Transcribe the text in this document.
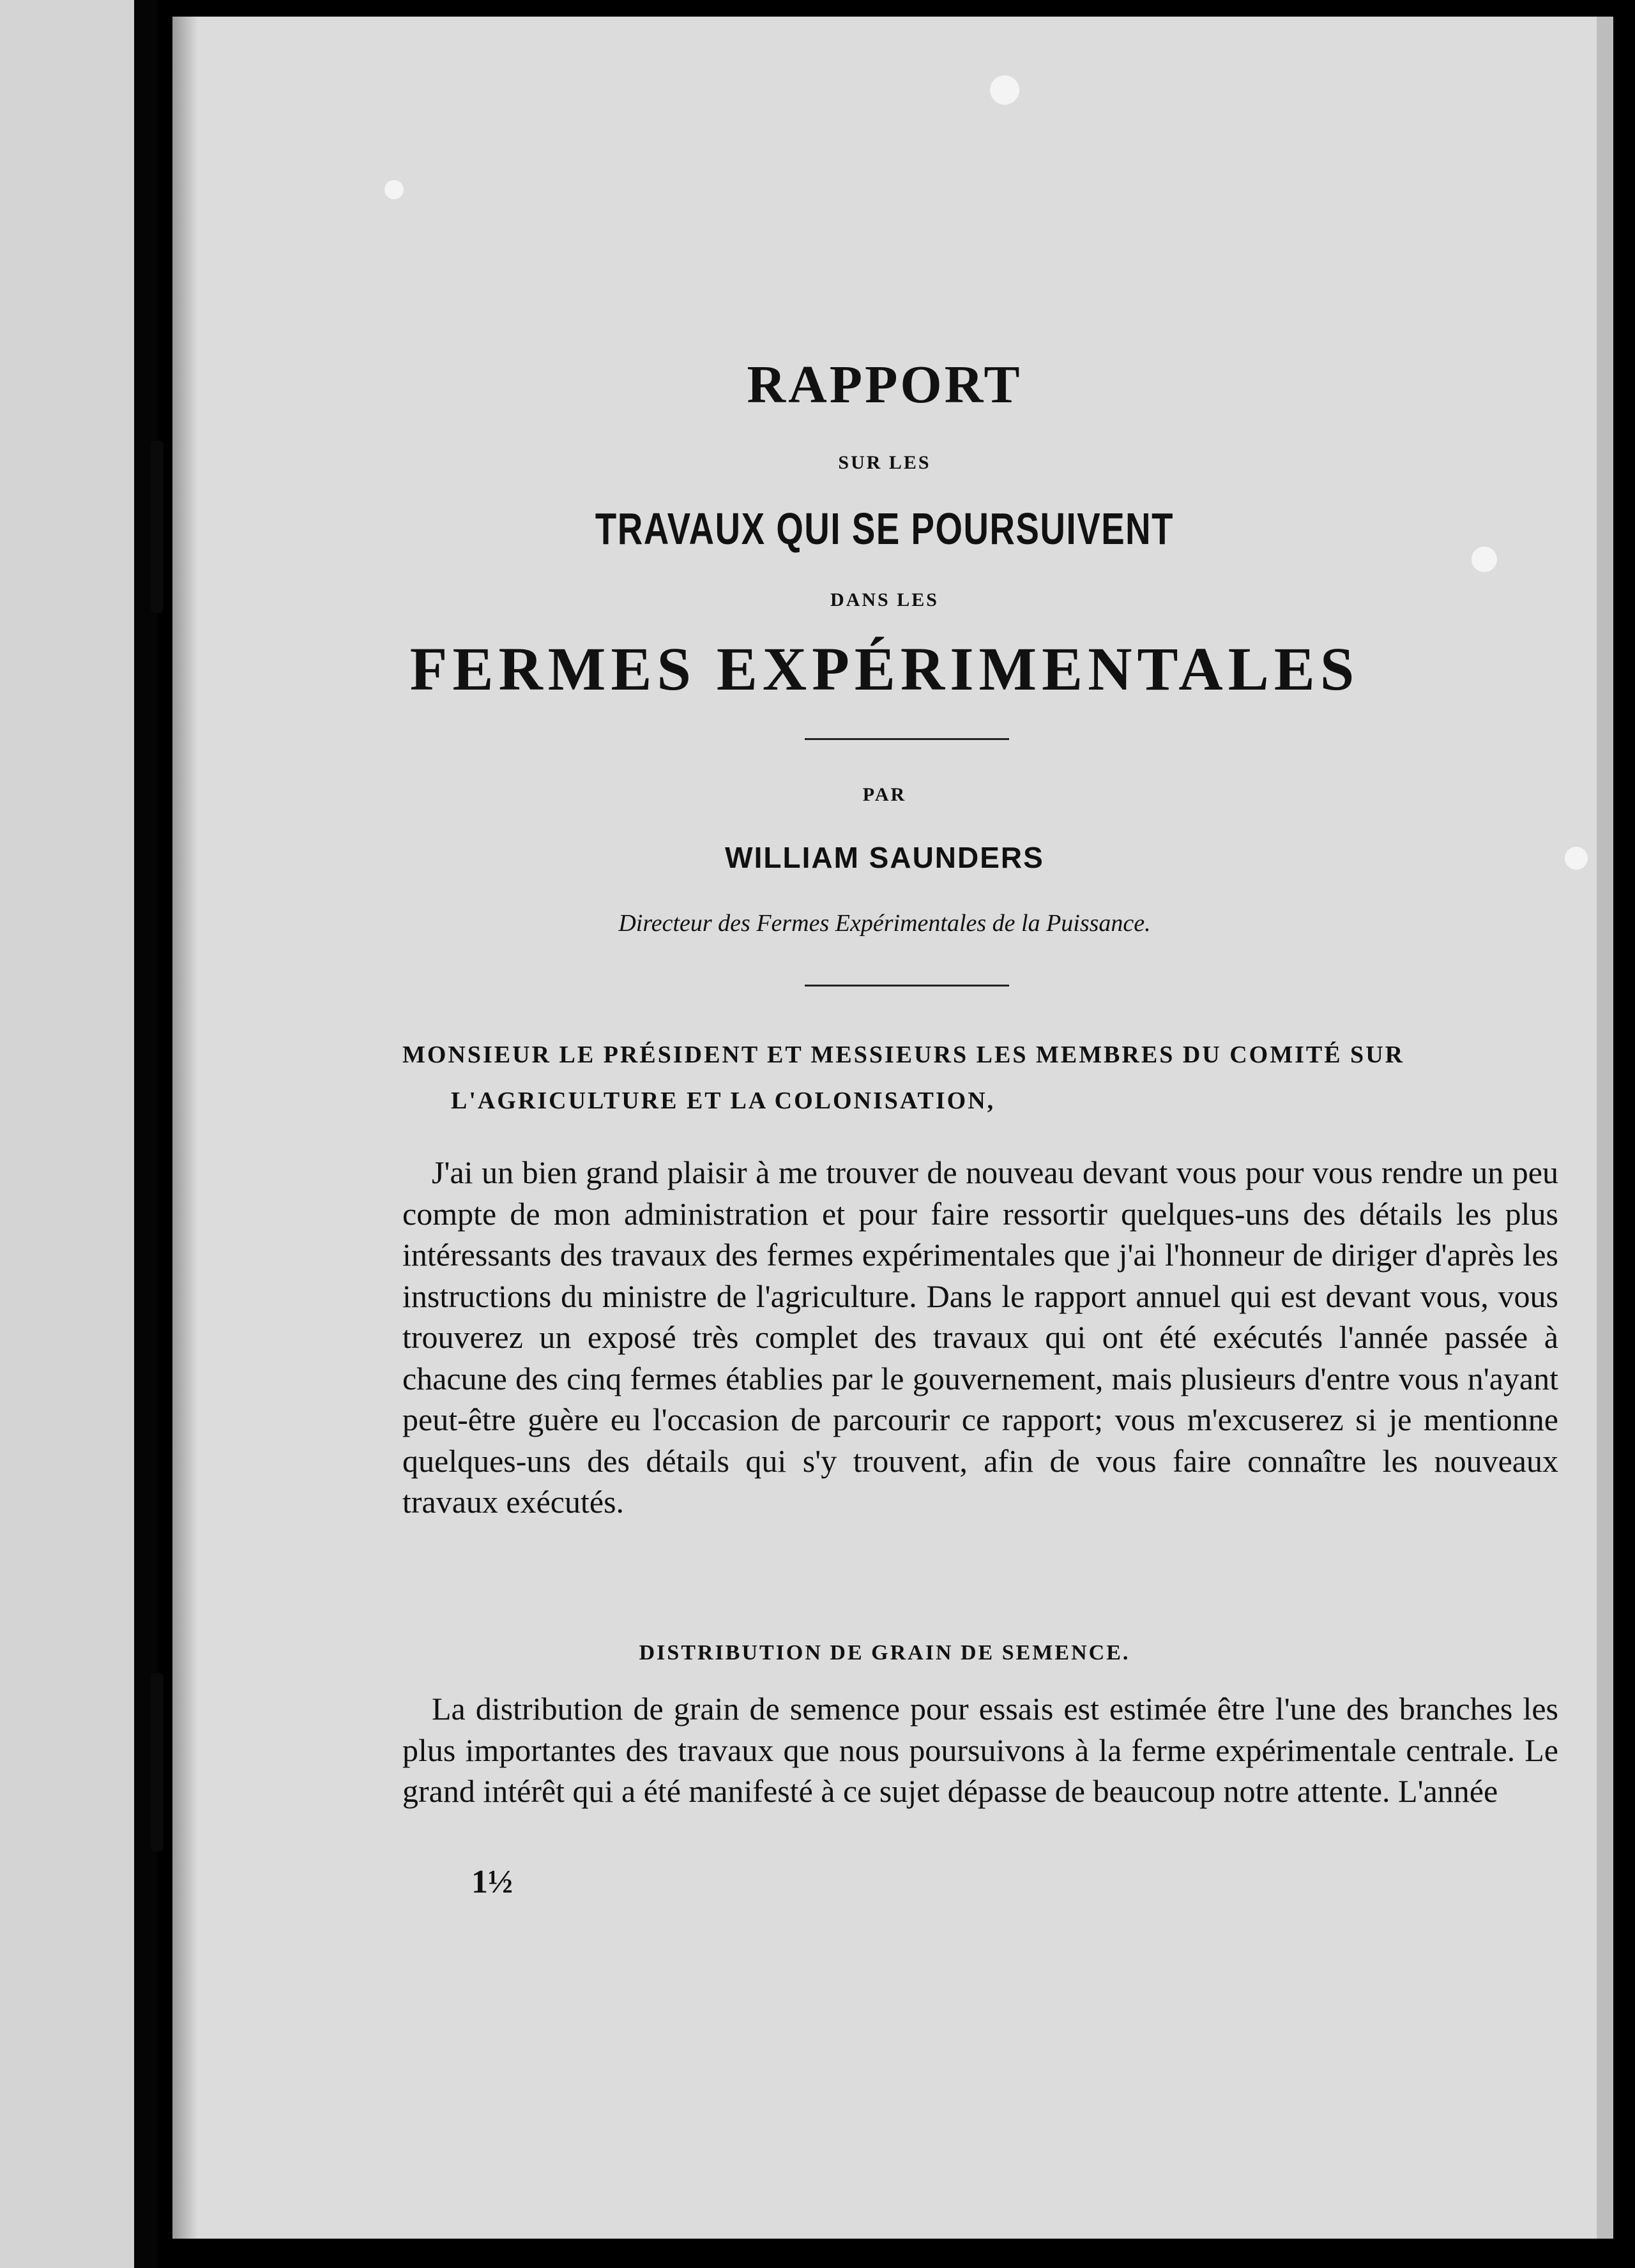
RAPPORT
SUR LES
TRAVAUX QUI SE POURSUIVENT
DANS LES
FERMES EXPÉRIMENTALES
PAR
WILLIAM SAUNDERS
Directeur des Fermes Expérimentales de la Puissance.
MONSIEUR LE PRÉSIDENT ET MESSIEURS LES MEMBRES DU COMITÉ SUR
L'AGRICULTURE ET LA COLONISATION,
J'ai un bien grand plaisir à me trouver de nouveau devant vous pour vous rendre un peu compte de mon administration et pour faire ressortir quelques-uns des détails les plus intéressants des travaux des fermes expérimentales que j'ai l'honneur de diriger d'après les instructions du ministre de l'agriculture. Dans le rapport annuel qui est devant vous, vous trouverez un exposé très complet des travaux qui ont été exécutés l'année passée à chacune des cinq fermes établies par le gouvernement, mais plusieurs d'entre vous n'ayant peut-être guère eu l'occasion de parcourir ce rapport; vous m'excuserez si je mentionne quelques-uns des détails qui s'y trouvent, afin de vous faire connaître les nouveaux travaux exécutés.
DISTRIBUTION DE GRAIN DE SEMENCE.
La distribution de grain de semence pour essais est estimée être l'une des branches les plus importantes des travaux que nous poursuivons à la ferme expérimentale centrale. Le grand intérêt qui a été manifesté à ce sujet dépasse de beaucoup notre attente. L'année
1½
